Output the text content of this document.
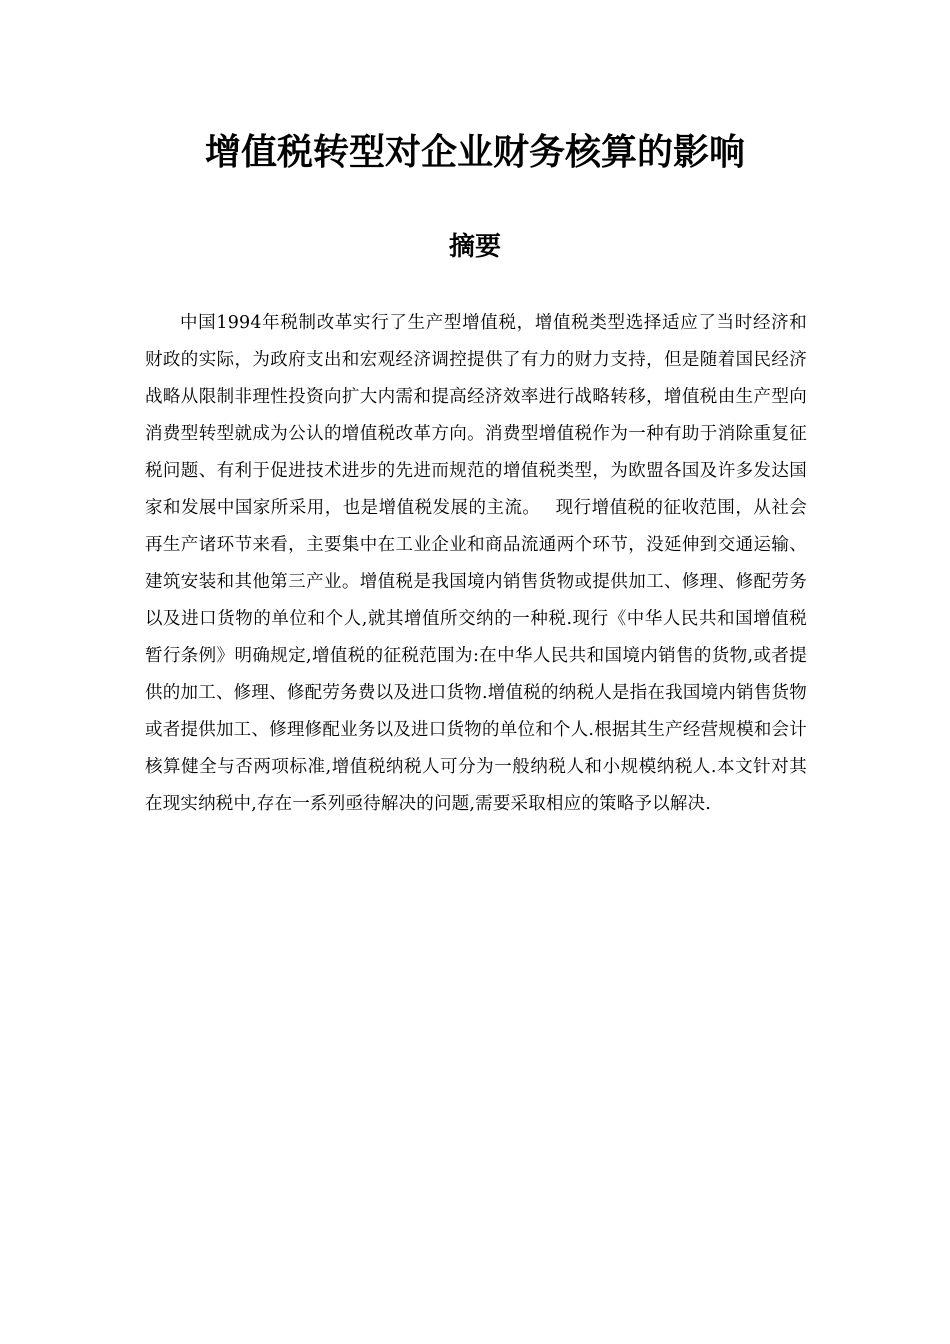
增值税转型对企业财务核算的影响
摘要

中国1994年税制改革实行了生产型增值税，增值税类型选择适应了当时经济和财政的实际，为政府支出和宏观经济调控提供了有力的财力支持，但是随着国民经济战略从限制非理性投资向扩大内需和提高经济效率进行战略转移，增值税由生产型向消费型转型就成为公认的增值税改革方向。消费型增值税作为一种有助于消除重复征税问题、有利于促进技术进步的先进而规范的增值税类型，为欧盟各国及许多发达国家和发展中国家所采用，也是增值税发展的主流。　 现行增值税的征收范围，从社会再生产诸环节来看，主要集中在工业企业和商品流通两个环节，没延伸到交通运输、建筑安装和其他第三产业。增值税是我国境内销售货物或提供加工、修理、修配劳务以及进口货物的单位和个人,就其增值所交纳的一种税.现行《中华人民共和国增值税暂行条例》明确规定,增值税的征税范围为:在中华人民共和国境内销售的货物,或者提供的加工、修理、修配劳务费以及进口货物.增值税的纳税人是指在我国境内销售货物或者提供加工、修理修配业务以及进口货物的单位和个人.根据其生产经营规模和会计核算健全与否两项标准,增值税纳税人可分为一般纳税人和小规模纳税人.本文针对其在现实纳税中,存在一系列亟待解决的问题,需要采取相应的策略予以解决.
